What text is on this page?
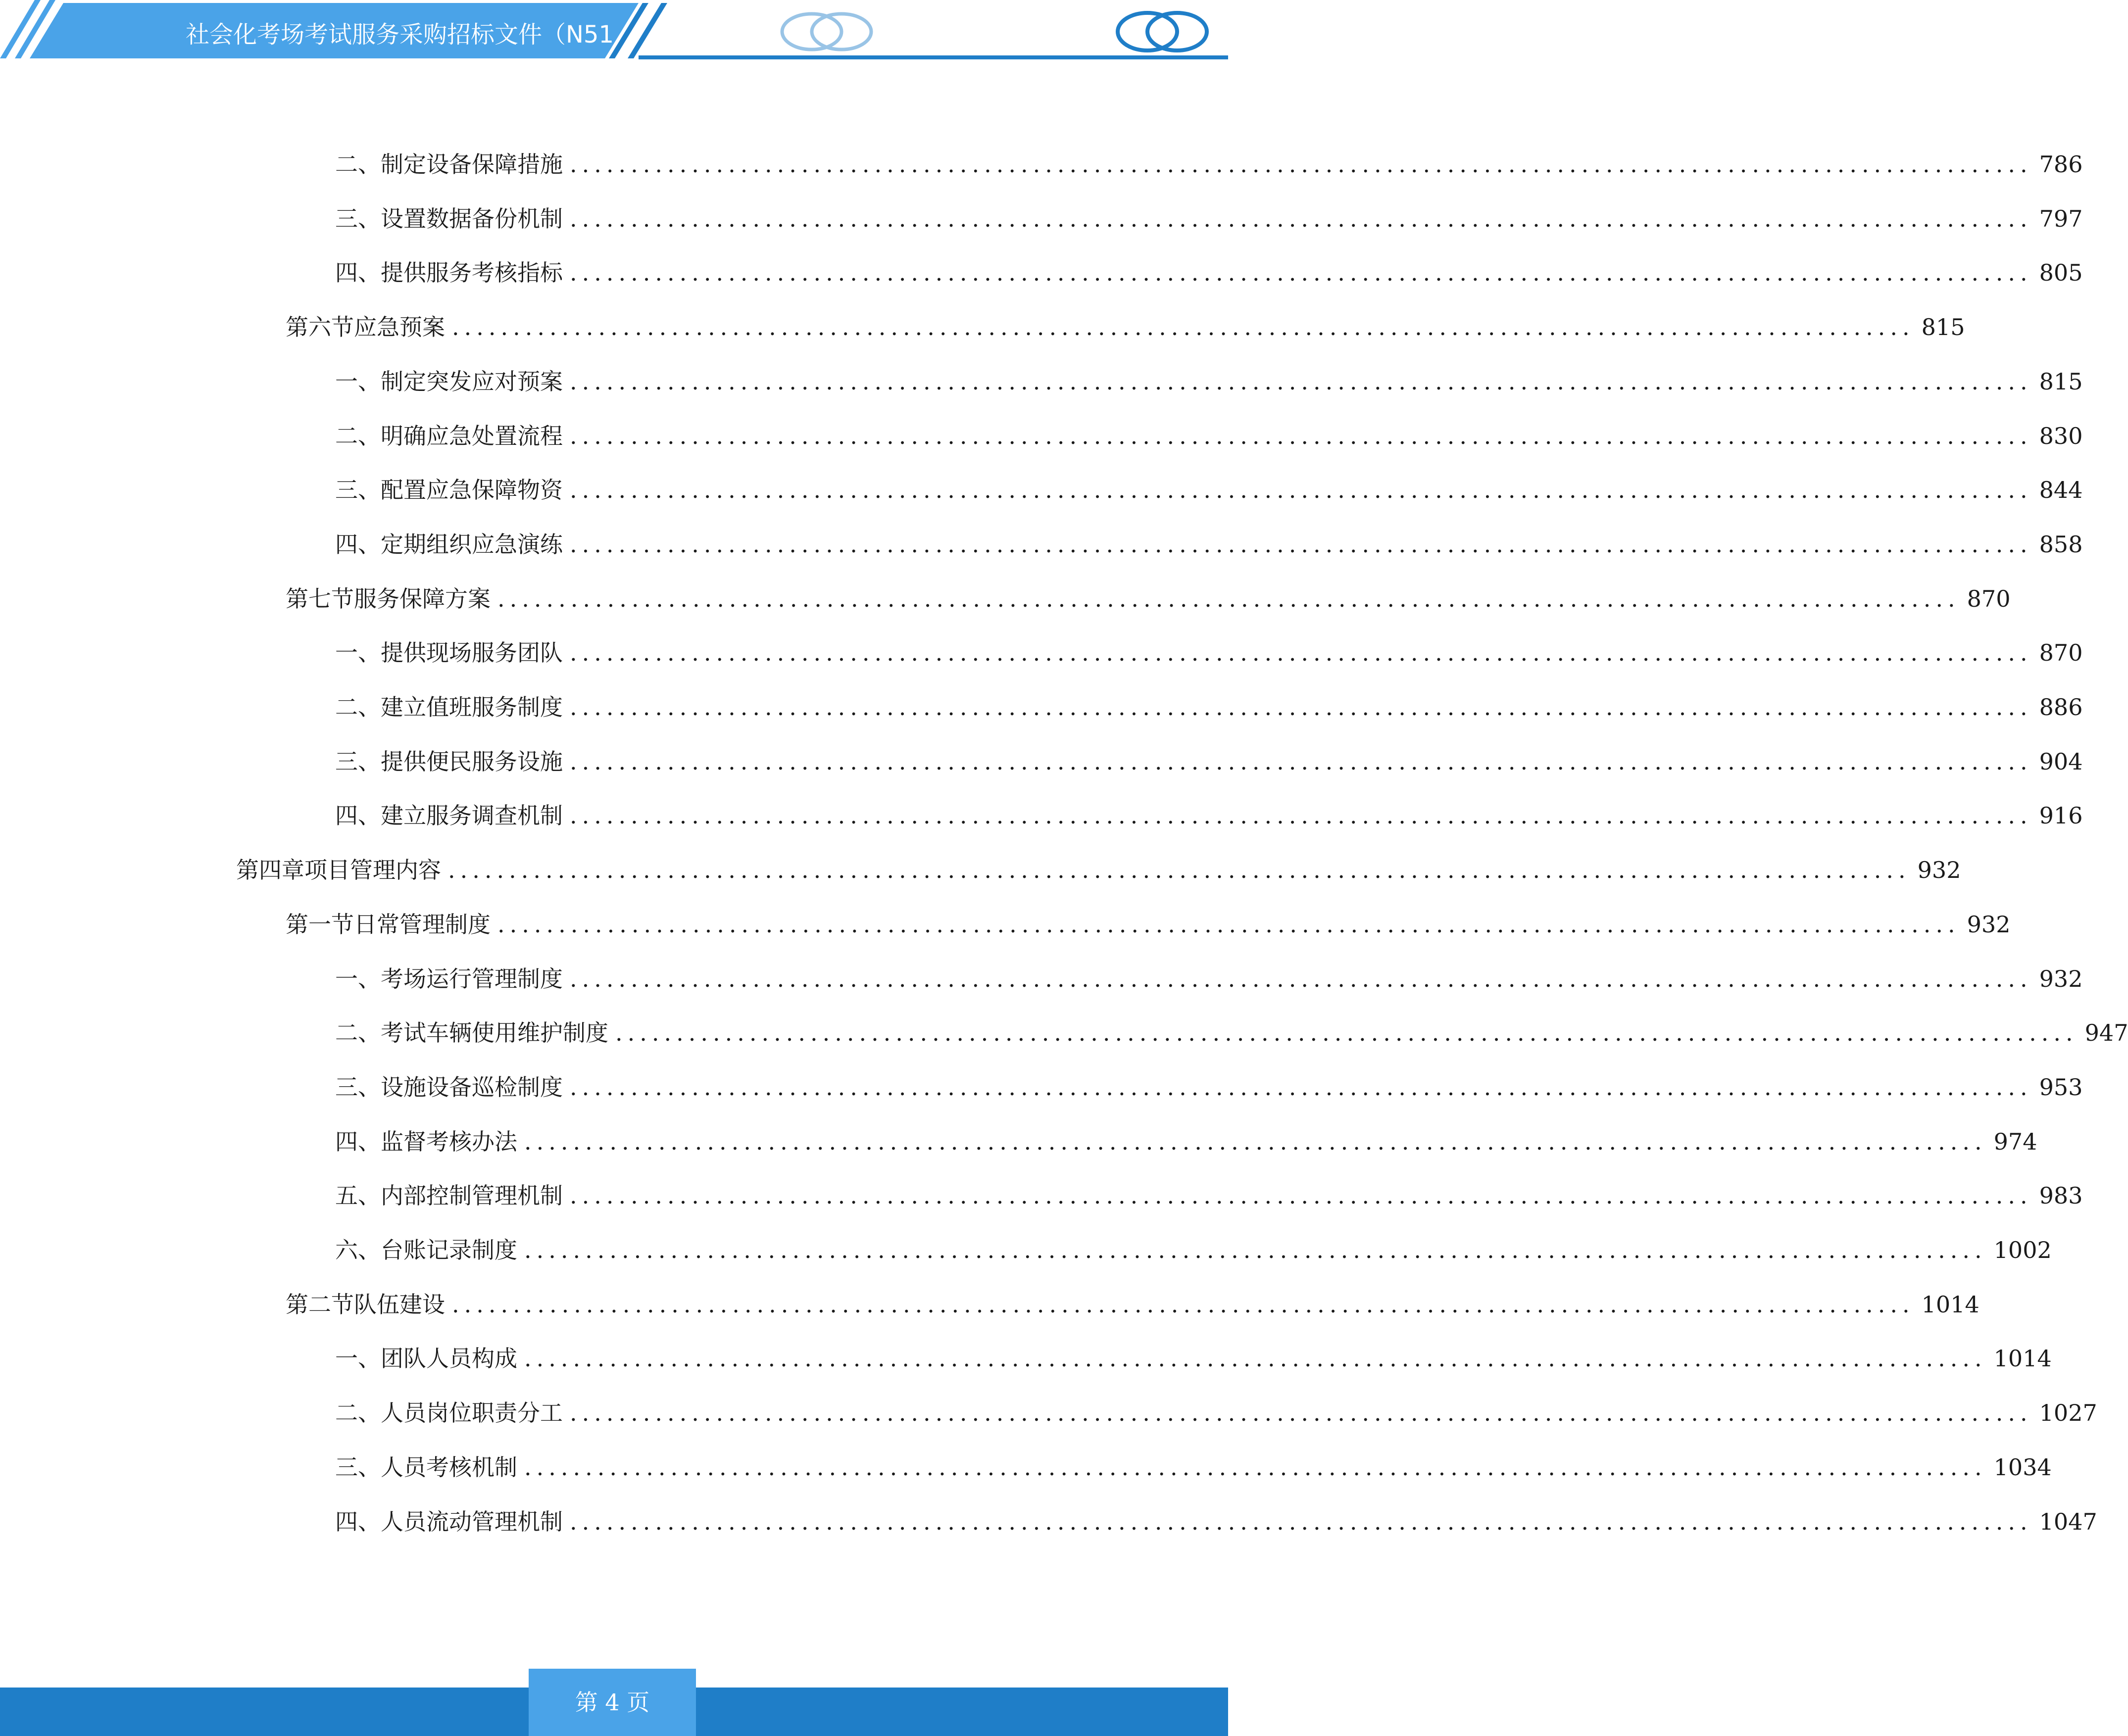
社会化考场考试服务采购招标文件（N51
二、 制定设备保障措施 ........................................................................................................................ 786
三、 设置数据备份机制 ........................................................................................................................ 797
四、 提供服务考核指标 ........................................................................................................................ 805
第六节 应急预案 ........................................................................................................................ 815
一、 制定突发应对预案 ........................................................................................................................ 815
二、 明确应急处置流程 ........................................................................................................................ 830
三、 配置应急保障物资 ........................................................................................................................ 844
四、 定期组织应急演练 ........................................................................................................................ 858
第七节 服务保障方案 ........................................................................................................................ 870
一、 提供现场服务团队 ........................................................................................................................ 870
二、 建立值班服务制度 ........................................................................................................................ 886
三、 提供便民服务设施 ........................................................................................................................ 904
四、 建立服务调查机制 ........................................................................................................................ 916
第四章 项目管理内容 ........................................................................................................................ 932
第一节 日常管理制度 ........................................................................................................................ 932
一、 考场运行管理制度 ........................................................................................................................ 932
二、 考试车辆使用维护制度 ........................................................................................................................ 947
三、 设施设备巡检制度 ........................................................................................................................ 953
四、 监督考核办法 ........................................................................................................................ 974
五、 内部控制管理机制 ........................................................................................................................ 983
六、 台账记录制度 ........................................................................................................................ 1002
第二节 队伍建设 ........................................................................................................................ 1014
一、 团队人员构成 ........................................................................................................................ 1014
二、 人员岗位职责分工 ........................................................................................................................ 1027
三、 人员考核机制 ........................................................................................................................ 1034
四、 人员流动管理机制 ........................................................................................................................ 1047
第 4 页
